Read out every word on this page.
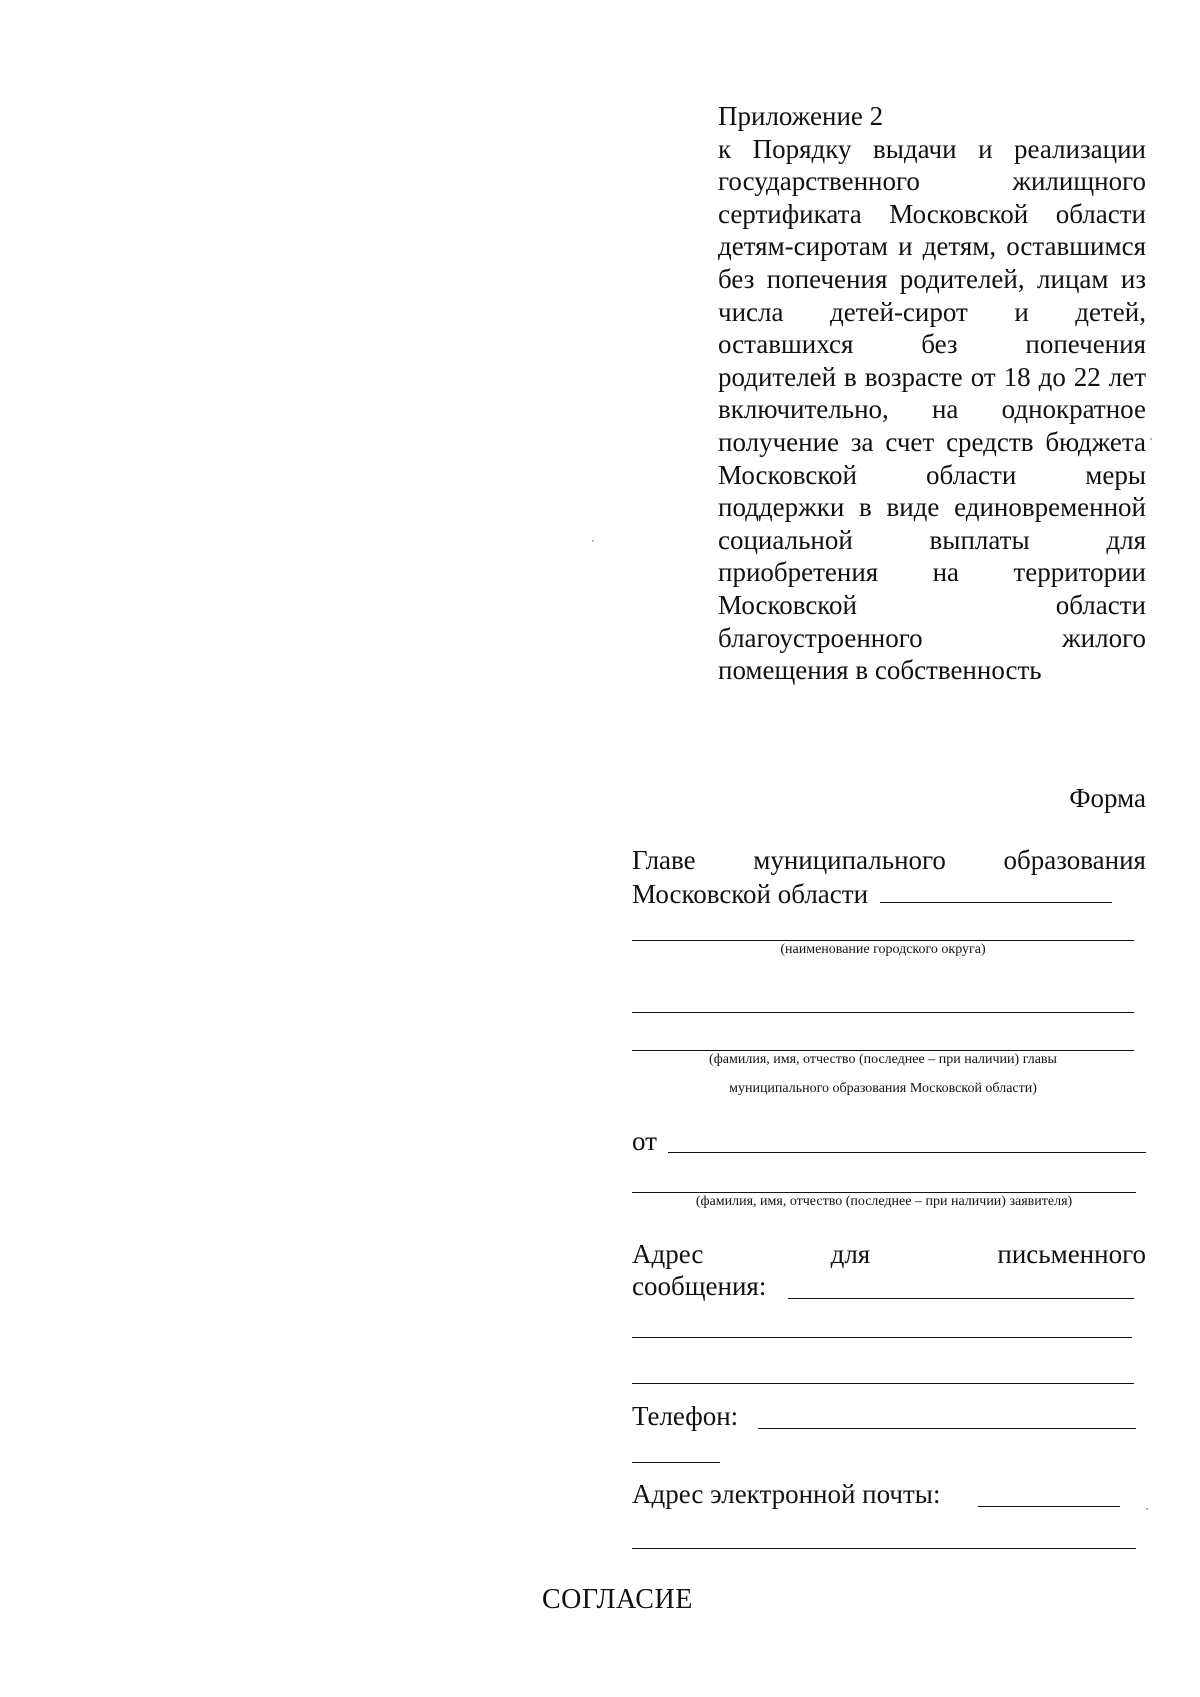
Приложение 2
к Порядку выдачи и реализации государственного жилищного сертификата Московской области детям-сиротам и детям, оставшимся без попечения родителей, лицам из числа детей-сирот и детей, оставшихся без попечения родителей в возрасте от 18 до 22 лет включительно, на однократное получение за счет средств бюджета Московской области меры поддержки в виде единовременной социальной выплаты для приобретения на территории Московской области благоустроенного жилого помещения в собственность
Форма
Главе муниципального образования
Московской области
(наименование городского округа)
(фамилия, имя, отчество (последнее – при наличии) главы
муниципального образования Московской области)
от
(фамилия, имя, отчество (последнее – при наличии) заявителя)
Адрес	для	письменного
сообщения:
Телефон:
Адрес электронной почты:
СОГЛАСИЕ
